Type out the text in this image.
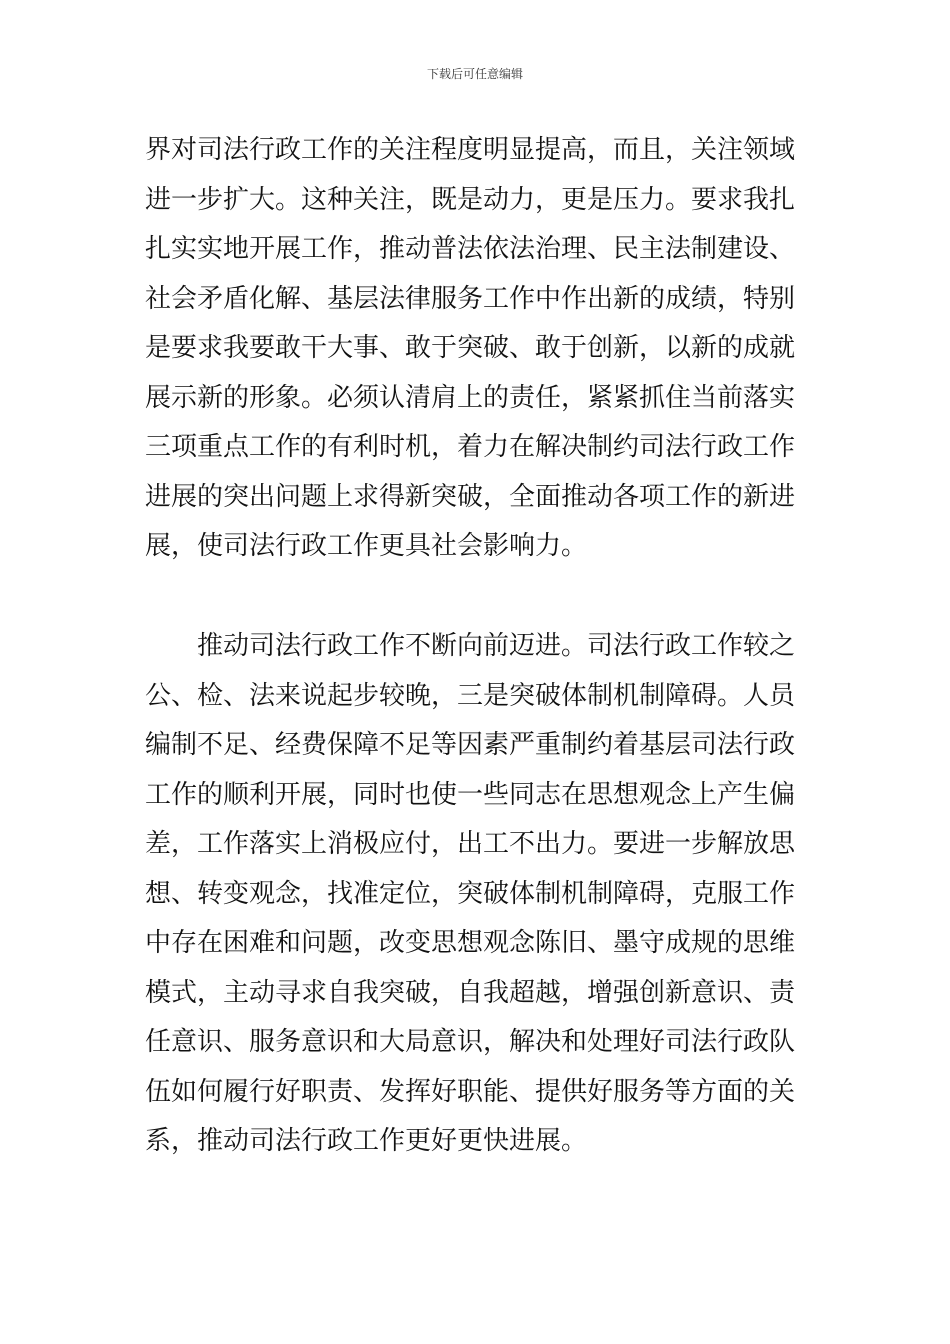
下载后可任意编辑
界对司法行政工作的关注程度明显提高，而且，关注领域
进一步扩大。这种关注，既是动力，更是压力。要求我扎
扎实实地开展工作，推动普法依法治理、民主法制建设、
社会矛盾化解、基层法律服务工作中作出新的成绩，特别
是要求我要敢干大事、敢于突破、敢于创新，以新的成就
展示新的形象。必须认清肩上的责任，紧紧抓住当前落实
三项重点工作的有利时机，着力在解决制约司法行政工作
进展的突出问题上求得新突破，全面推动各项工作的新进
展，使司法行政工作更具社会影响力。
推动司法行政工作不断向前迈进。司法行政工作较之
公、检、法来说起步较晚，三是突破体制机制障碍。人员
编制不足、经费保障不足等因素严重制约着基层司法行政
工作的顺利开展，同时也使一些同志在思想观念上产生偏
差，工作落实上消极应付，出工不出力。要进一步解放思
想、转变观念，找准定位，突破体制机制障碍，克服工作
中存在困难和问题，改变思想观念陈旧、墨守成规的思维
模式，主动寻求自我突破，自我超越，增强创新意识、责
任意识、服务意识和大局意识，解决和处理好司法行政队
伍如何履行好职责、发挥好职能、提供好服务等方面的关
系，推动司法行政工作更好更快进展。
